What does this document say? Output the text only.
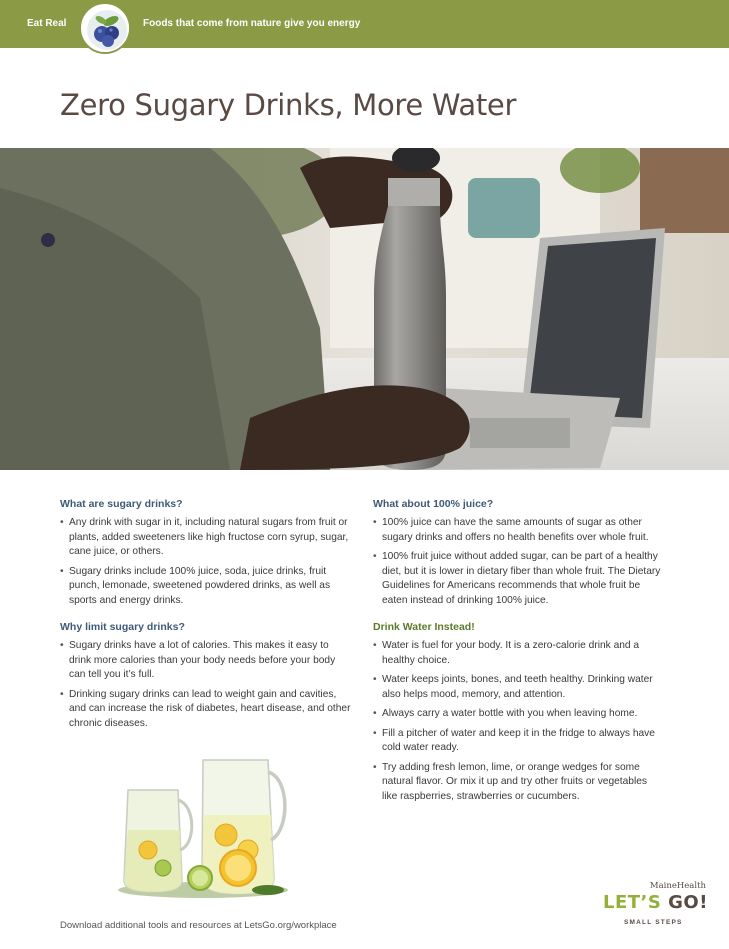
Eat Real	Foods that come from nature give you energy
Zero Sugary Drinks, More Water
What are sugary drinks?
• Any drink with sugar in it, including natural sugars from fruit or plants, added sweeteners like high fructose corn syrup, sugar, cane juice, or others.
• Sugary drinks include 100% juice, soda, juice drinks, fruit punch, lemonade, sweetened powdered drinks, as well as sports and energy drinks.
Why limit sugary drinks?
• Sugary drinks have a lot of calories. This makes it easy to drink more calories than your body needs before your body can tell you it’s full.
• Drinking sugary drinks can lead to weight gain and cavities, and can increase the risk of diabetes, heart disease, and other chronic diseases.
What about 100% juice?
• 100% juice can have the same amounts of sugar as other sugary drinks and offers no health benefits over whole fruit.
• 100% fruit juice without added sugar, can be part of a healthy diet, but it is lower in dietary fiber than whole fruit. The Dietary Guidelines for Americans recommends that whole fruit be eaten instead of drinking 100% juice.
Drink Water Instead!
• Water is fuel for your body. It is a zero-calorie drink and a healthy choice.
• Water keeps joints, bones, and teeth healthy. Drinking water also helps mood, memory, and attention.
• Always carry a water bottle with you when leaving home.
• Fill a pitcher of water and keep it in the fridge to always have cold water ready.
• Try adding fresh lemon, lime, or orange wedges for some natural flavor. Or mix it up and try other fruits or vegetables like raspberries, strawberries or cucumbers.
Download additional tools and resources at LetsGo.org/workplace
MaineHealth
LET’S GO!
SMALL STEPS
